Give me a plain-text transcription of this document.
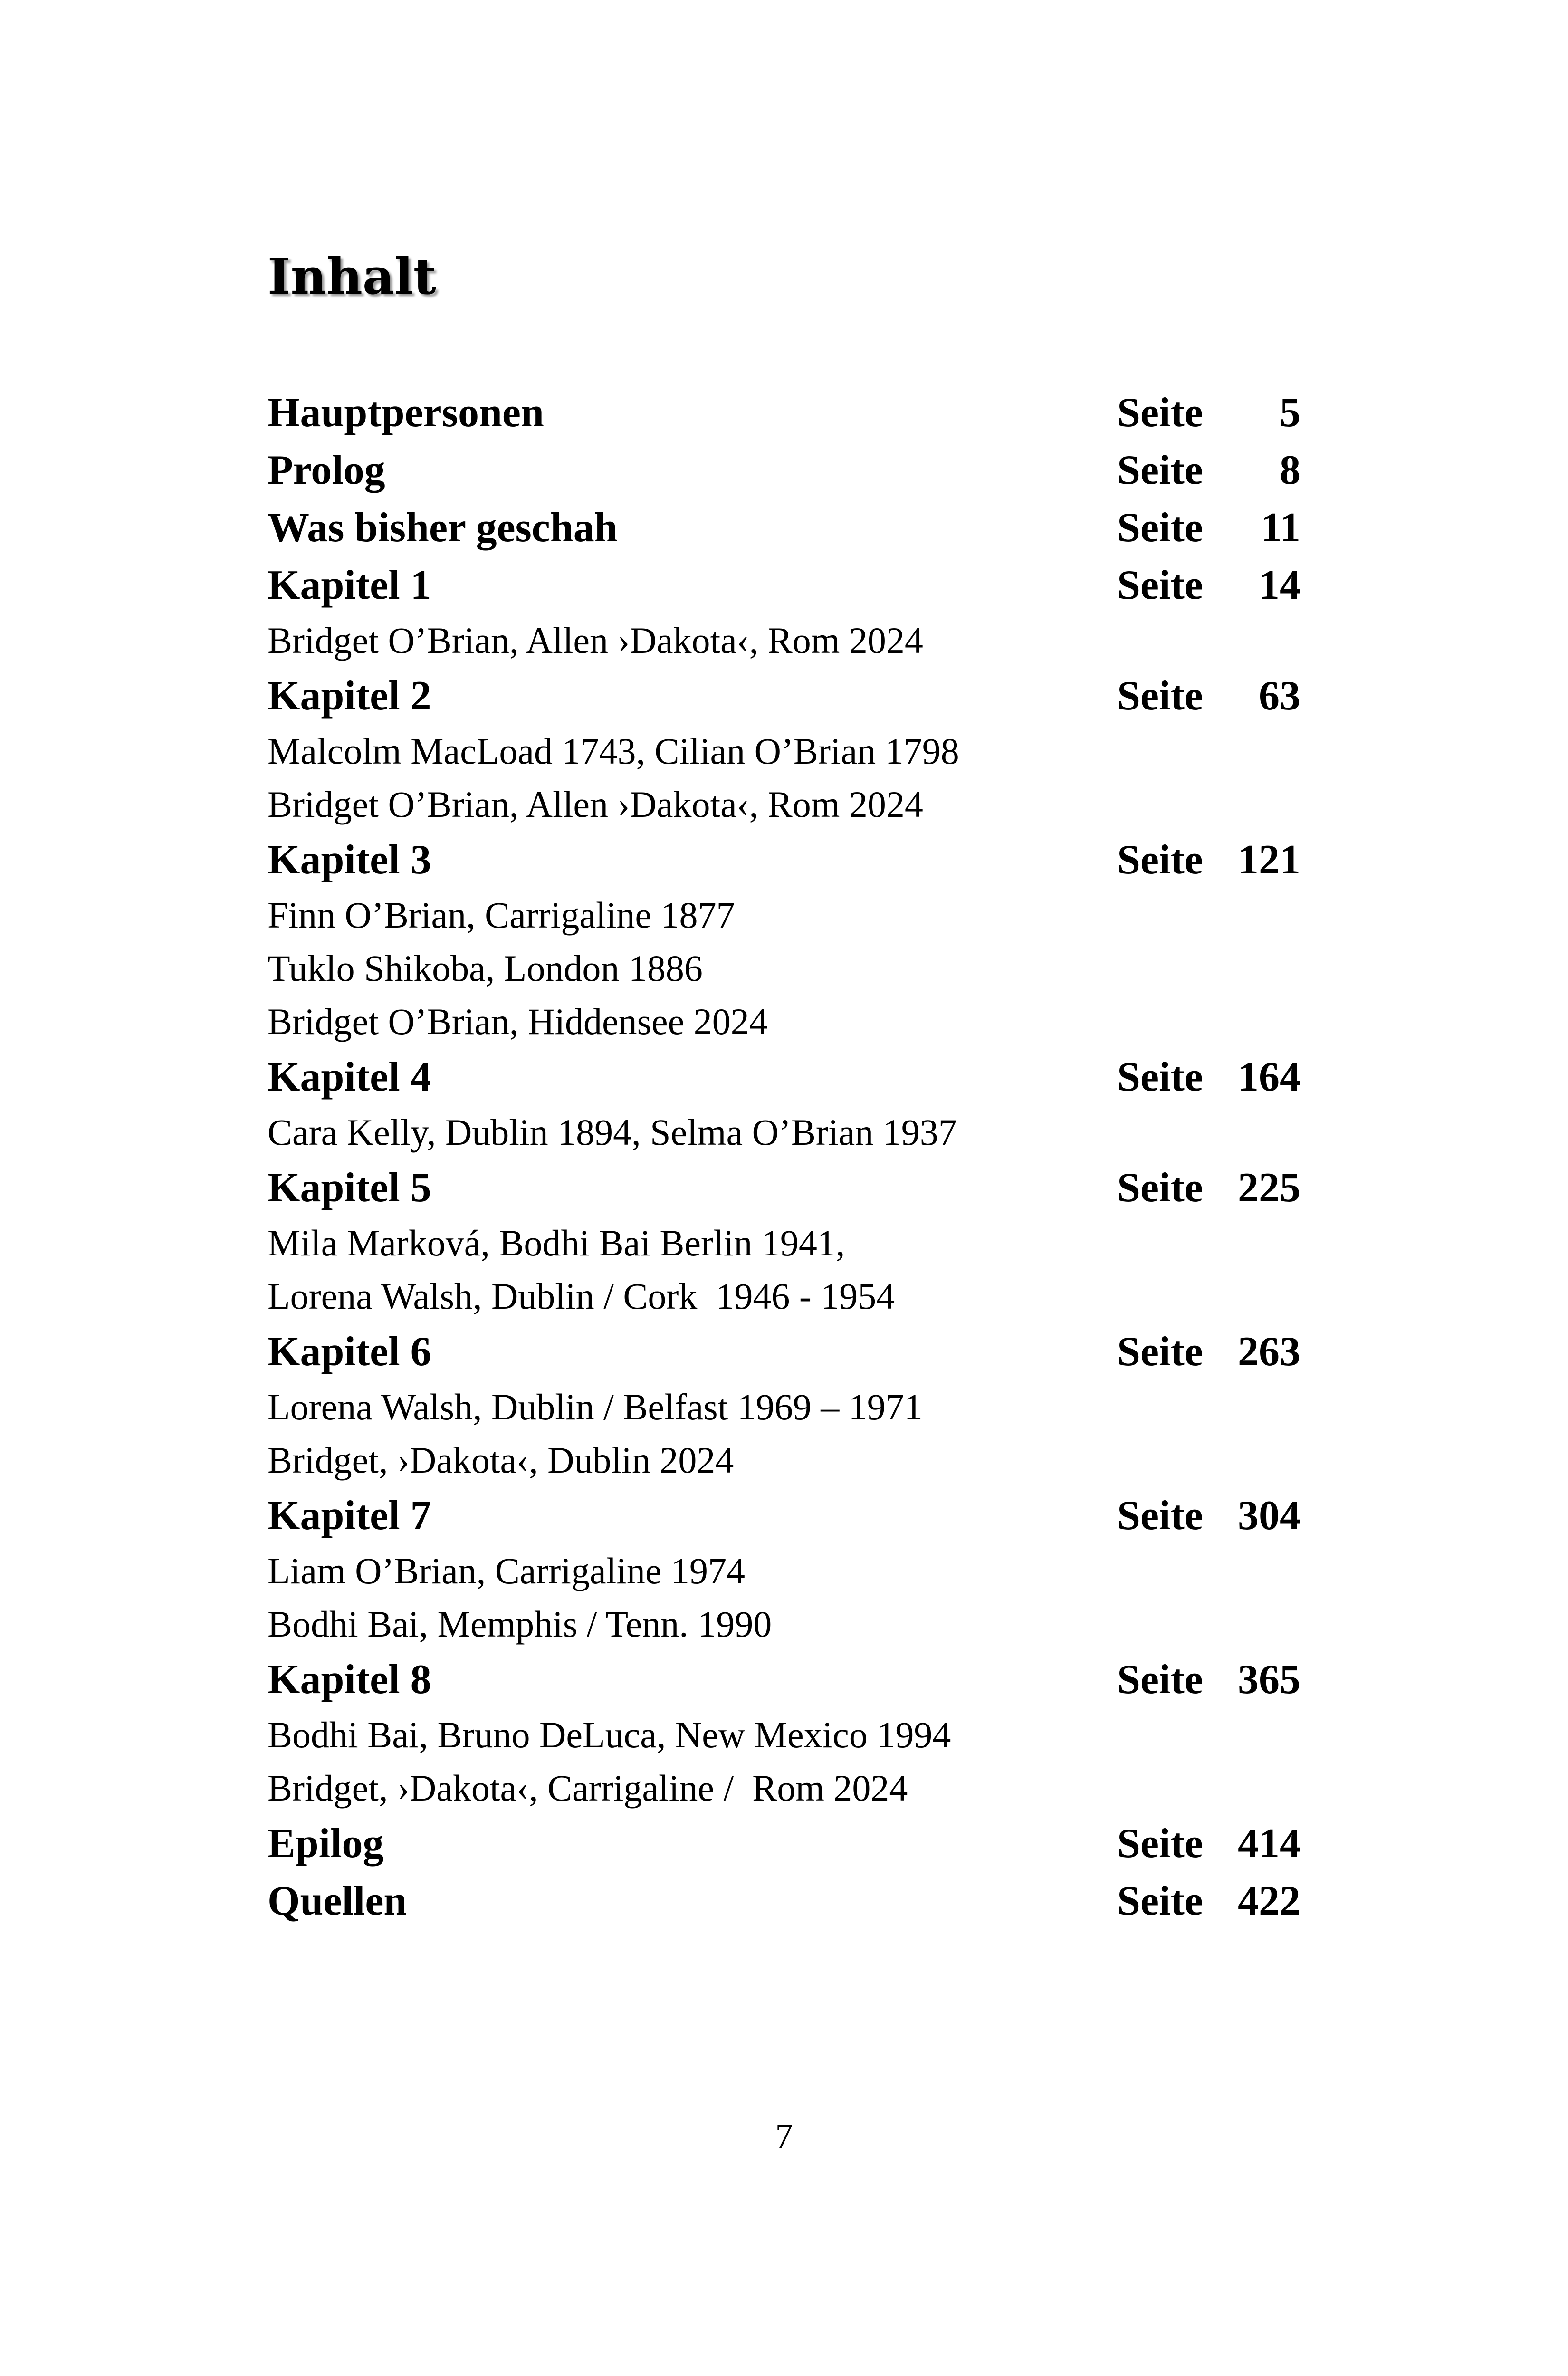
Inhalt
Hauptpersonen	Seite 5
Prolog	Seite 8
Was bisher geschah	Seite 11
Kapitel 1	Seite 14
Bridget O’Brian, Allen ›Dakota‹, Rom 2024
Kapitel 2	Seite 63
Malcolm MacLoad 1743, Cilian O’Brian 1798
Bridget O’Brian, Allen ›Dakota‹, Rom 2024
Kapitel 3	Seite 121
Finn O’Brian, Carrigaline 1877
Tuklo Shikoba, London 1886
Bridget O’Brian, Hiddensee 2024
Kapitel 4	Seite 164
Cara Kelly, Dublin 1894, Selma O’Brian 1937
Kapitel 5	Seite 225
Mila Marková, Bodhi Bai Berlin 1941,
Lorena Walsh, Dublin / Cork  1946 - 1954
Kapitel 6	Seite 263
Lorena Walsh, Dublin / Belfast 1969 – 1971
Bridget, ›Dakota‹, Dublin 2024
Kapitel 7	Seite 304
Liam O’Brian, Carrigaline 1974
Bodhi Bai, Memphis / Tenn. 1990
Kapitel 8	Seite 365
Bodhi Bai, Bruno DeLuca, New Mexico 1994
Bridget, ›Dakota‹, Carrigaline /  Rom 2024
Epilog	Seite 414
Quellen	Seite 422
7
